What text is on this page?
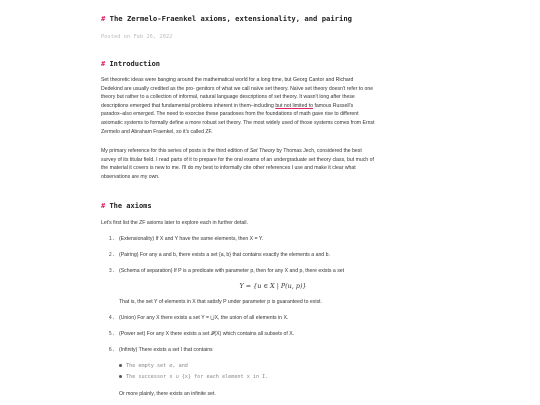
# The Zermelo-Fraenkel axioms, extensionality, and pairing
Posted on Feb 26, 2022
# Introduction
Set theoretic ideas were banging around the mathematical world for a long time, but Georg Cantor and Richard
Dedekind are usually credited as the pro- genitors of what we call naïve set theory. Naïve set theory doesn't refer to one
theory but rather to a collection of informal, natural language descriptions of set theory. It wasn't long after these
descriptions emerged that fundamental problems inherent in them–including but not limited to famous Russell's
paradox–also emerged. The need to exorcise these paradoxes from the foundations of math gave rise to different
axiomatic systems to formally define a more robust set theory. The most widely used of those systems comes from Ernst
Zermelo and Abraham Fraenkel, so it's called ZF.
My primary reference for this series of posts is the third edition of Set Theory by Thomas Jech, considered the best
survey of its titular field. I read parts of it to prepare for the oral exams of an undergraduate set theory class, but much of
the material it covers is new to me. I'll do my best to informally cite other references I use and make it clear what
observations are my own.
# The axioms
Let's first list the ZF axioms later to explore each in further detail.
1. (Extensionality) If X and Y have the same elements, then X = Y.
2. (Pairing) For any a and b, there exists a set {a, b} that contains exactly the elements a and b.
3. (Schema of separation) If P is a predicate with parameter p, then for any X and p, there exists a set
Y = {u ∈ X | P(u, p)}
That is, the set Y of elements in X that satisfy P under parameter p is guaranteed to exist.
4. (Union) For any X there exists a set Y = ⋃X, the union of all elements in X.
5. (Power set) For any X there exists a set 𝒫(X) which contains all subsets of X.
6. (Infinity) There exists a set I that contains
The empty set ∅, and
The successor x ∪ {x} for each element x in I.
Or more plainly, there exists an infinite set.
